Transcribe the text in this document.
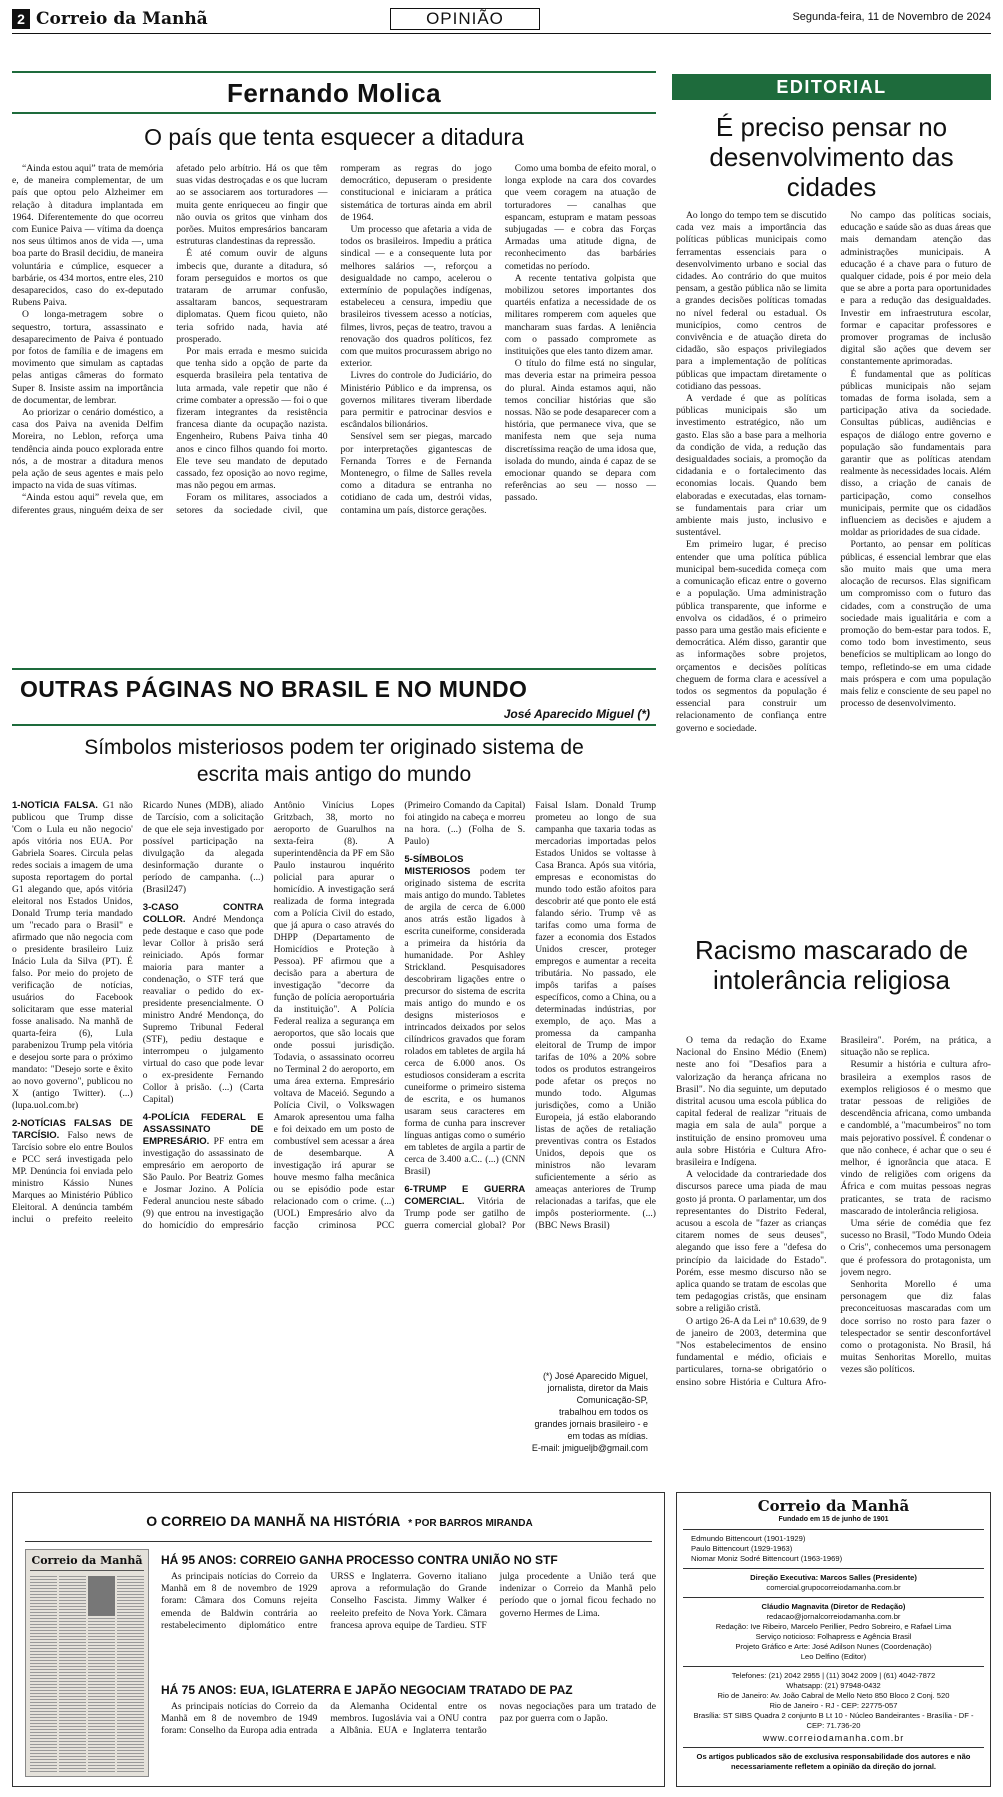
2 Correio da Manhã	OPINIÃO	Segunda-feira, 11 de Novembro de 2024
Fernando Molica
O país que tenta esquecer a ditadura
“Ainda estou aqui” trata de memória e, de maneira complementar, de um país que optou pelo Alzheimer em relação à ditadura implantada em 1964. Diferentemente do que ocorreu com Eunice Paiva — vítima da doença nos seus últimos anos de vida —, uma boa parte do Brasil decidiu, de maneira voluntária e cúmplice, esquecer a barbárie, os 434 mortos, entre eles, 210 desaparecidos, caso do ex-deputado Rubens Paiva.
O longa-metragem sobre o sequestro, tortura, assassinato e desaparecimento de Paiva é pontuado por fotos de família e de imagens em movimento que simulam as captadas pelas antigas câmeras do formato Super 8. Insiste assim na importância de documentar, de lembrar.
Ao priorizar o cenário doméstico, a casa dos Paiva na avenida Delfim Moreira, no Leblon, reforça uma tendência ainda pouco explorada entre nós, a de mostrar a ditadura menos pela ação de seus agentes e mais pelo impacto na vida de suas vítimas.
“Ainda estou aqui” revela que, em diferentes graus, ninguém deixa de ser afetado pelo arbítrio. Há os que têm suas vidas destroçadas e os que lucram ao se associarem aos torturadores — muita gente enriqueceu ao fingir que não ouvia os gritos que vinham dos porões. Muitos empresários bancaram estruturas clandestinas da repressão.
É até comum ouvir de alguns imbecis que, durante a ditadura, só foram perseguidos e mortos os que trataram de arrumar confusão, assaltaram bancos, sequestraram diplomatas. Quem ficou quieto, não teria sofrido nada, havia até prosperado.
Por mais errada e mesmo suicida que tenha sido a opção de parte da esquerda brasileira pela tentativa de luta armada, vale repetir que não é crime combater a opressão — foi o que fizeram integrantes da resistência francesa diante da ocupação nazista. Engenheiro, Rubens Paiva tinha 40 anos e cinco filhos quando foi morto. Ele teve seu mandato de deputado cassado, fez oposição ao novo regime, mas não pegou em armas.
Foram os militares, associados a setores da sociedade civil, que romperam as regras do jogo democrático, depuseram o presidente constitucional e iniciaram a prática sistemática de torturas ainda em abril de 1964.
Um processo que afetaria a vida de todos os brasileiros. Impediu a prática sindical — e a consequente luta por melhores salários —, reforçou a desigualdade no campo, acelerou o extermínio de populações indígenas, estabeleceu a censura, impediu que brasileiros tivessem acesso a notícias, filmes, livros, peças de teatro, travou a renovação dos quadros políticos, fez com que muitos procurassem abrigo no exterior.
Livres do controle do Judiciário, do Ministério Público e da imprensa, os governos militares tiveram liberdade para permitir e patrocinar desvios e escândalos bilionários.
Sensível sem ser piegas, marcado por interpretações gigantescas de Fernanda Torres e de Fernanda Montenegro, o filme de Salles revela como a ditadura se entranha no cotidiano de cada um, destrói vidas, contamina um país, distorce gerações.
Como uma bomba de efeito moral, o longa explode na cara dos covardes que veem coragem na atuação de torturadores — canalhas que espancam, estupram e matam pessoas subjugadas — e cobra das Forças Armadas uma atitude digna, de reconhecimento das barbáries cometidas no período.
A recente tentativa golpista que mobilizou setores importantes dos quartéis enfatiza a necessidade de os militares romperem com aqueles que mancharam suas fardas. A leniência com o passado compromete as instituições que eles tanto dizem amar.
O título do filme está no singular, mas deveria estar na primeira pessoa do plural. Ainda estamos aqui, não temos conciliar histórias que são nossas. Não se pode desaparecer com a história, que permanece viva, que se manifesta nem que seja numa discretíssima reação de uma idosa que, isolada do mundo, ainda é capaz de se emocionar quando se depara com referências ao seu — nosso — passado.
OUTRAS PÁGINAS NO BRASIL E NO MUNDO
José Aparecido Miguel (*)
Símbolos misteriosos podem ter originado sistema de escrita mais antigo do mundo
1-NOTÍCIA FALSA. G1 não publicou que Trump disse 'Com o Lula eu não negocio' após vitória nos EUA. Por Gabriela Soares. Circula pelas redes sociais a imagem de uma suposta reportagem do portal G1 alegando que, após vitória eleitoral nos Estados Unidos, Donald Trump teria mandado um "recado para o Brasil" e afirmado que não negocia com o presidente brasileiro Luiz Inácio Lula da Silva (PT). É falso. Por meio do projeto de verificação de notícias, usuários do Facebook solicitaram que esse material fosse analisado. Na manhã de quarta-feira (6), Lula parabenizou Trump pela vitória e desejou sorte para o próximo mandato: "Desejo sorte e êxito ao novo governo", publicou no X (antigo Twitter). (...) (lupa.uol.com.br)
2-NOTÍCIAS FALSAS DE TARCÍSIO. Falso news de Tarcísio sobre elo entre Boulos e PCC será investigada pelo MP. Denúncia foi enviada pelo ministro Kássio Nunes Marques ao Ministério Público Eleitoral. A denúncia também inclui o prefeito reeleito Ricardo Nunes (MDB), aliado de Tarcísio, com a solicitação de que ele seja investigado por possível participação na divulgação da alegada desinformação durante o período de campanha. (...) (Brasil247)
3-CASO CONTRA COLLOR. André Mendonça pede destaque e caso que pode levar Collor à prisão será reiniciado. Após formar maioria para manter a condenação, o STF terá que reavaliar o pedido do ex-presidente presencialmente. O ministro André Mendonça, do Supremo Tribunal Federal (STF), pediu destaque e interrompeu o julgamento virtual do caso que pode levar o ex-presidente Fernando Collor à prisão. (...) (Carta Capital)
4-POLÍCIA FEDERAL E ASSASSINATO DE EMPRESÁRIO. PF entra em investigação do assassinato de empresário em aeroporto de São Paulo. Por Beatriz Gomes e Josmar Jozino. A Polícia Federal anunciou neste sábado (9) que entrou na investigação do homicídio do empresário Antônio Vinícius Lopes Gritzbach, 38, morto no aeroporto de Guarulhos na sexta-feira (8). A superintendência da PF em São Paulo instaurou inquérito policial para apurar o homicídio. A investigação será realizada de forma integrada com a Polícia Civil do estado, que já apura o caso através do DHPP (Departamento de Homicídios e Proteção à Pessoa). PF afirmou que a decisão para a abertura de investigação "decorre da função de polícia aeroportuária da instituição". A Polícia Federal realiza a segurança em aeroportos, que são locais que onde possui jurisdição. Todavia, o assassinato ocorreu no Terminal 2 do aeroporto, em uma área externa. Empresário voltava de Maceió. Segundo a Polícia Civil, o Volkswagen Amarok apresentou uma falha e foi deixado em um posto de combustível sem acessar a área de desembarque. A investigação irá apurar se houve mesmo falha mecânica ou se episódio pode estar relacionado com o crime. (...) (UOL) Empresário alvo da facção criminosa PCC (Primeiro Comando da Capital) foi atingido na cabeça e morreu na hora. (...) (Folha de S. Paulo)
5-SÍMBOLOS MISTERIOSOS podem ter originado sistema de escrita mais antigo do mundo. Tabletes de argila de cerca de 6.000 anos atrás estão ligados à escrita cuneiforme, considerada a primeira da história da humanidade. Por Ashley Strickland. Pesquisadores descobriram ligações entre o precursor do sistema de escrita mais antigo do mundo e os designs misteriosos e intrincados deixados por selos cilíndricos gravados que foram rolados em tabletes de argila há cerca de 6.000 anos. Os estudiosos consideram a escrita cuneiforme o primeiro sistema de escrita, e os humanos usaram seus caracteres em forma de cunha para inscrever línguas antigas como o sumério em tabletes de argila a partir de cerca de 3.400 a.C.. (...) (CNN Brasil)
6-TRUMP E GUERRA COMERCIAL. Vitória de Trump pode ser gatilho de guerra comercial global? Por Faisal Islam. Donald Trump prometeu ao longo de sua campanha que taxaria todas as mercadorias importadas pelos Estados Unidos se voltasse à Casa Branca. Após sua vitória, empresas e economistas do mundo todo estão afoitos para descobrir até que ponto ele está falando sério. Trump vê as tarifas como uma forma de fazer a economia dos Estados Unidos crescer, proteger empregos e aumentar a receita tributária. No passado, ele impôs tarifas a países específicos, como a China, ou a determinadas indústrias, por exemplo, de aço. Mas a promessa da campanha eleitoral de Trump de impor tarifas de 10% a 20% sobre todos os produtos estrangeiros pode afetar os preços no mundo todo. Algumas jurisdições, como a União Europeia, já estão elaborando listas de ações de retaliação preventivas contra os Estados Unidos, depois que os ministros não levaram suficientemente a sério as ameaças anteriores de Trump relacionadas a tarifas, que ele impôs posteriormente. (...) (BBC News Brasil)
(*) José Aparecido Miguel,
jornalista, diretor da Mais
Comunicação-SP,
trabalhou em todos os
grandes jornais brasileiro - e
em todas as mídias.
E-mail: jmigueljb@gmail.com
EDITORIAL
É preciso pensar no desenvolvimento das cidades
Ao longo do tempo tem se discutido cada vez mais a importância das políticas públicas municipais como ferramentas essenciais para o desenvolvimento urbano e social das cidades. Ao contrário do que muitos pensam, a gestão pública não se limita a grandes decisões políticas tomadas no nível federal ou estadual. Os municípios, como centros de convivência e de atuação direta do cidadão, são espaços privilegiados para a implementação de políticas públicas que impactam diretamente o cotidiano das pessoas.
A verdade é que as políticas públicas municipais são um investimento estratégico, não um gasto. Elas são a base para a melhoria da condição de vida, a redução das desigualdades sociais, a promoção da cidadania e o fortalecimento das economias locais. Quando bem elaboradas e executadas, elas tornam-se fundamentais para criar um ambiente mais justo, inclusivo e sustentável.
Em primeiro lugar, é preciso entender que uma política pública municipal bem-sucedida começa com a comunicação eficaz entre o governo e a população. Uma administração pública transparente, que informe e envolva os cidadãos, é o primeiro passo para uma gestão mais eficiente e democrática. Além disso, garantir que as informações sobre projetos, orçamentos e decisões políticas cheguem de forma clara e acessível a todos os segmentos da população é essencial para construir um relacionamento de confiança entre governo e sociedade.
No campo das políticas sociais, educação e saúde são as duas áreas que mais demandam atenção das administrações municipais. A educação é a chave para o futuro de qualquer cidade, pois é por meio dela que se abre a porta para oportunidades e para a redução das desigualdades. Investir em infraestrutura escolar, formar e capacitar professores e promover programas de inclusão digital são ações que devem ser constantemente aprimoradas.
É fundamental que as políticas públicas municipais não sejam tomadas de forma isolada, sem a participação ativa da sociedade. Consultas públicas, audiências e espaços de diálogo entre governo e população são fundamentais para garantir que as políticas atendam realmente às necessidades locais. Além disso, a criação de canais de participação, como conselhos municipais, permite que os cidadãos influenciem as decisões e ajudem a moldar as prioridades de sua cidade.
Portanto, ao pensar em políticas públicas, é essencial lembrar que elas são muito mais que uma mera alocação de recursos. Elas significam um compromisso com o futuro das cidades, com a construção de uma sociedade mais igualitária e com a promoção do bem-estar para todos. E, como todo bom investimento, seus benefícios se multiplicam ao longo do tempo, refletindo-se em uma cidade mais próspera e com uma população mais feliz e consciente de seu papel no processo de desenvolvimento.
Racismo mascarado de intolerância religiosa
O tema da redação do Exame Nacional do Ensino Médio (Enem) neste ano foi "Desafios para a valorização da herança africana no Brasil". No dia seguinte, um deputado distrital acusou uma escola pública do capital federal de realizar "rituais de magia em sala de aula" porque a instituição de ensino promoveu uma aula sobre História e Cultura Afro-brasileira e Indígena.
A velocidade da contrariedade dos discursos parece uma piada de mau gosto já pronta. O parlamentar, um dos representantes do Distrito Federal, acusou a escola de "fazer as crianças citarem nomes de seus deuses", alegando que isso fere a "defesa do princípio da laicidade do Estado". Porém, esse mesmo discurso não se aplica quando se tratam de escolas que tem pedagogias cristãs, que ensinam sobre a religião cristã.
O artigo 26-A da Lei nº 10.639, de 9 de janeiro de 2003, determina que "Nos estabelecimentos de ensino fundamental e médio, oficiais e particulares, torna-se obrigatório o ensino sobre História e Cultura Afro-Brasileira". Porém, na prática, a situação não se replica.
Resumir a história e cultura afro-brasileira a exemplos rasos de exemplos religiosos é o mesmo que tratar pessoas de religiões de descendência africana, como umbanda e candomblé, a "macumbeiros" no tom mais pejorativo possível. É condenar o que não conhece, é achar que o seu é melhor, é ignorância que ataca. E vindo de religiões com origens da África e com muitas pessoas negras praticantes, se trata de racismo mascarado de intolerância religiosa.
Uma série de comédia que fez sucesso no Brasil, "Todo Mundo Odeia o Cris", conhecemos uma personagem que é professora do protagonista, um jovem negro.
Senhorita Morello é uma personagem que diz falas preconceituosas mascaradas com um doce sorriso no rosto para fazer o telespectador se sentir desconfortável como o protagonista. No Brasil, há muitas Senhoritas Morello, muitas vezes são políticos.
O CORREIO DA MANHÃ NA HISTÓRIA * POR BARROS MIRANDA
Correio da Manhã	HÁ 95 ANOS: CORREIO GANHA PROCESSO CONTRA UNIÃO NO STF
As principais notícias do Correio da Manhã em 8 de novembro de 1929 foram: Câmara dos Comuns rejeita emenda de Baldwin contrária ao restabelecimento diplomático entre URSS e Inglaterra. Governo italiano aprova a reformulação do Grande Conselho Fascista. Jimmy Walker é reeleito prefeito de Nova York. Câmara francesa aprova equipe de Tardieu. STF julga procedente a União terá que indenizar o Correio da Manhã pelo período que o jornal ficou fechado no governo Hermes de Lima.
HÁ 75 ANOS: EUA, IGLATERRA E JAPÃO NEGOCIAM TRATADO DE PAZ
As principais notícias do Correio da Manhã em 8 de novembro de 1949 foram: Conselho da Europa adia entrada da Alemanha Ocidental entre os membros. Iugoslávia vai a ONU contra a Albânia. EUA e Inglaterra tentarão novas negociações para um tratado de paz por guerra com o Japão.
Correio da Manhã
Fundado em 15 de junho de 1901
Edmundo Bittencourt (1901-1929)
Paulo Bittencourt (1929-1963)
Niomar Moniz Sodré Bittencourt (1963-1969)
Direção Executiva: Marcos Salles (Presidente)
comercial.grupocorreiodamanha.com.br
Cláudio Magnavita (Diretor de Redação)
redacao@jornalcorreiodamanha.com.br
Redação: Ive Ribeiro, Marcelo Perillier, Pedro Sobreiro, e Rafael Lima
Serviço noticioso: Folhapress e Agência Brasil
Projeto Gráfico e Arte: José Adilson Nunes (Coordenação)
Leo Delfino (Editor)
Telefones: (21) 2042 2955 | (11) 3042 2009 | (61) 4042-7872
Whatsapp: (21) 97948-0432
Rio de Janeiro: Av. João Cabral de Mello Neto 850 Bloco 2 Conj. 520
Rio de Janeiro - RJ - CEP: 22775-057
Brasília: ST SIBS Quadra 2 conjunto B Lt 10 - Núcleo Bandeirantes - Brasília - DF - CEP: 71.736-20
www.correiodamanha.com.br
Os artigos publicados são de exclusiva responsabilidade dos autores e não necessariamente refletem a opinião da direção do jornal.
